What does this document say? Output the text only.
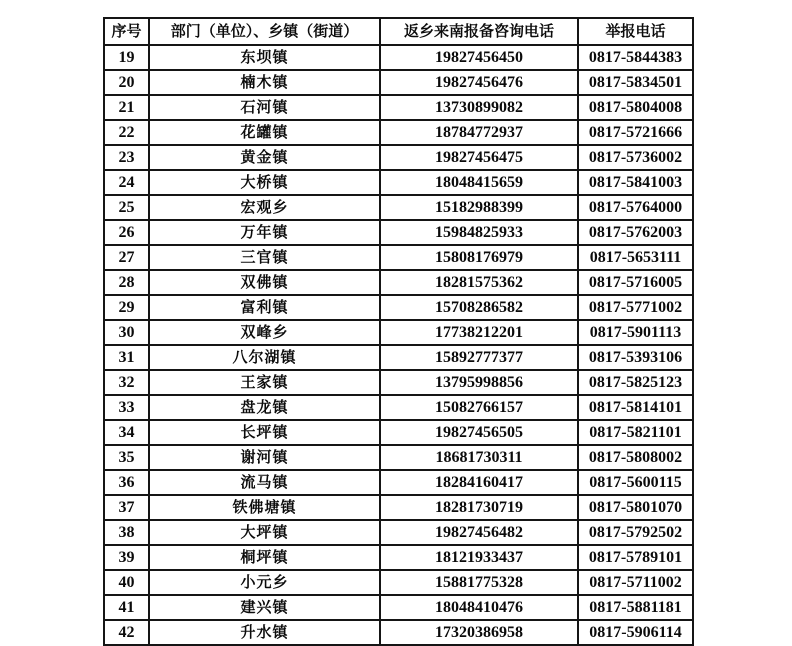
序号	部门（单位）、乡镇（街道）	返乡来南报备咨询电话	举报电话
19	东坝镇	19827456450	0817-5844383
20	楠木镇	19827456476	0817-5834501
21	石河镇	13730899082	0817-5804008
22	花罐镇	18784772937	0817-5721666
23	黄金镇	19827456475	0817-5736002
24	大桥镇	18048415659	0817-5841003
25	宏观乡	15182988399	0817-5764000
26	万年镇	15984825933	0817-5762003
27	三官镇	15808176979	0817-5653111
28	双佛镇	18281575362	0817-5716005
29	富利镇	15708286582	0817-5771002
30	双峰乡	17738212201	0817-5901113
31	八尔湖镇	15892777377	0817-5393106
32	王家镇	13795998856	0817-5825123
33	盘龙镇	15082766157	0817-5814101
34	长坪镇	19827456505	0817-5821101
35	谢河镇	18681730311	0817-5808002
36	流马镇	18284160417	0817-5600115
37	铁佛塘镇	18281730719	0817-5801070
38	大坪镇	19827456482	0817-5792502
39	桐坪镇	18121933437	0817-5789101
40	小元乡	15881775328	0817-5711002
41	建兴镇	18048410476	0817-5881181
42	升水镇	17320386958	0817-5906114
